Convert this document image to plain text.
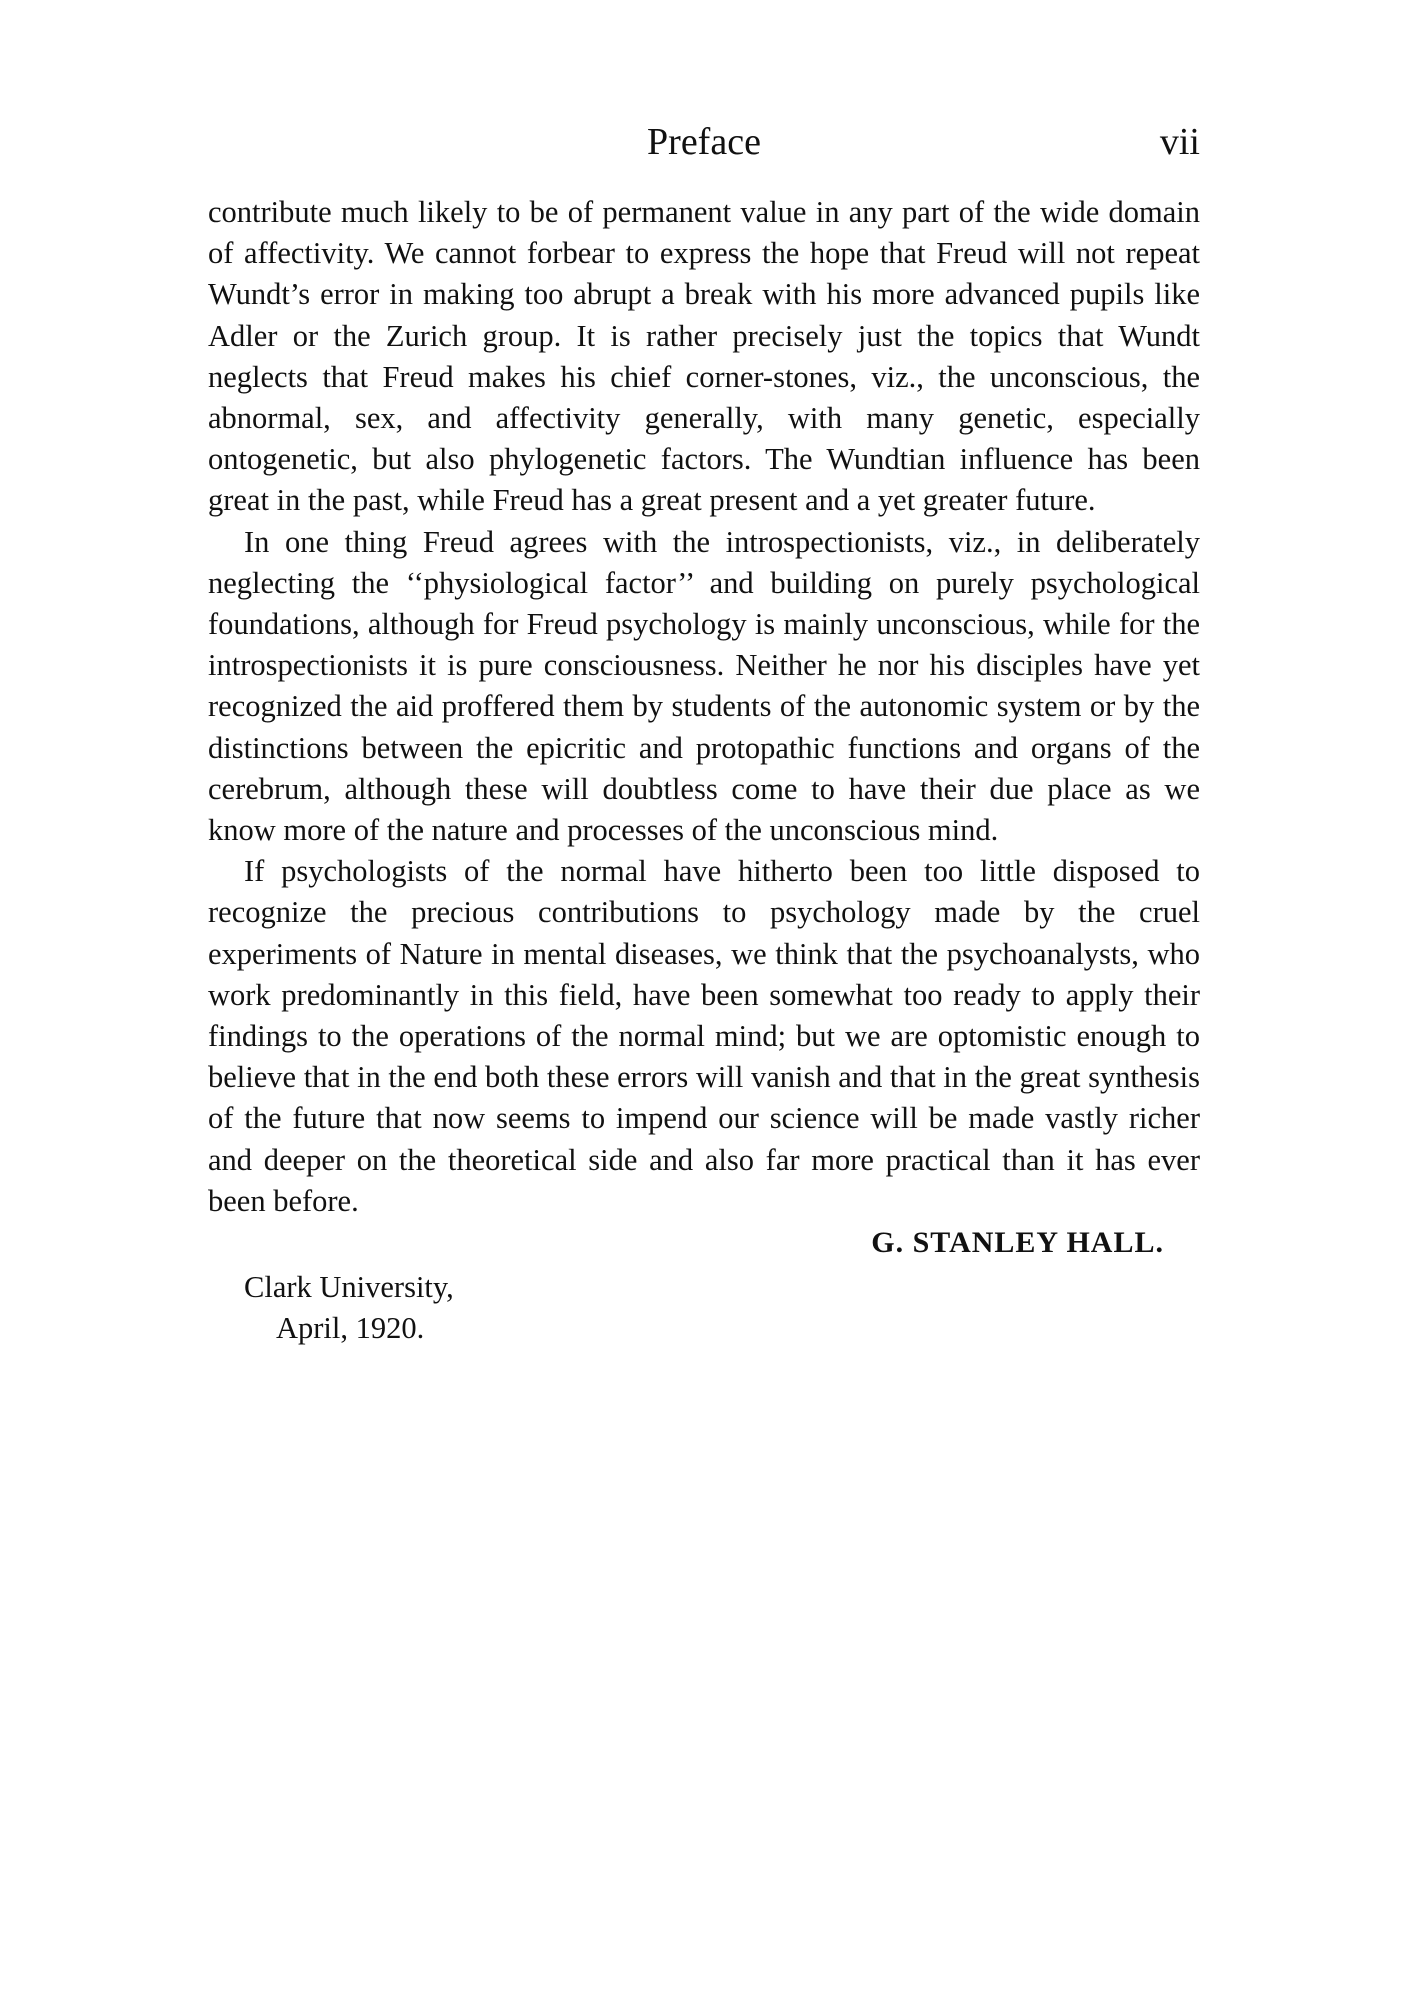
Preface	vii

contribute much likely to be of permanent value in any part of the wide domain of affectivity. We cannot forbear to express the hope that Freud will not repeat Wundt’s error in making too abrupt a break with his more advanced pupils like Adler or the Zurich group. It is rather precisely just the topics that Wundt neglects that Freud makes his chief corner-stones, viz., the unconscious, the abnormal, sex, and affectivity generally, with many genetic, especially ontogenetic, but also phylogenetic factors. The Wundtian influence has been great in the past, while Freud has a great present and a yet greater future.

In one thing Freud agrees with the introspectionists, viz., in deliberately neglecting the ‘‘physiological factor’’ and building on purely psychological foundations, although for Freud psychology is mainly unconscious, while for the introspectionists it is pure consciousness. Neither he nor his disciples have yet recognized the aid proffered them by students of the autonomic system or by the distinctions between the epicritic and protopathic functions and organs of the cerebrum, although these will doubtless come to have their due place as we know more of the nature and processes of the unconscious mind.

If psychologists of the normal have hitherto been too little disposed to recognize the precious contributions to psychology made by the cruel experiments of Nature in mental diseases, we think that the psychoanalysts, who work predominantly in this field, have been somewhat too ready to apply their findings to the operations of the normal mind; but we are optomistic enough to believe that in the end both these errors will vanish and that in the great synthesis of the future that now seems to impend our science will be made vastly richer and deeper on the theoretical side and also far more practical than it has ever been before.

G. STANLEY HALL.

Clark University,
April, 1920.
